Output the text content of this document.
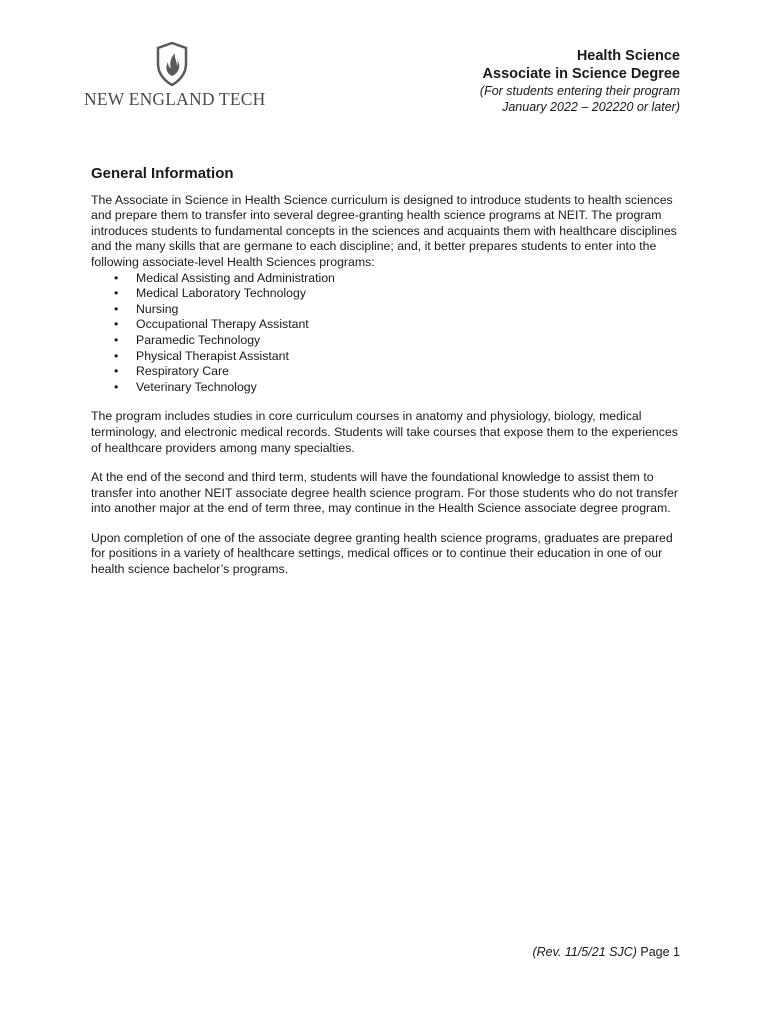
NEW ENGLAND TECH
Health Science
Associate in Science Degree
(For students entering their program
January 2022 – 202220 or later)
General Information

The Associate in Science in Health Science curriculum is designed to introduce students to health sciences and prepare them to transfer into several degree-granting health science programs at NEIT. The program introduces students to fundamental concepts in the sciences and acquaints them with healthcare disciplines and the many skills that are germane to each discipline; and, it better prepares students to enter into the following associate-level Health Sciences programs:

• Medical Assisting and Administration
• Medical Laboratory Technology
• Nursing
• Occupational Therapy Assistant
• Paramedic Technology
• Physical Therapist Assistant
• Respiratory Care
• Veterinary Technology

The program includes studies in core curriculum courses in anatomy and physiology, biology, medical terminology, and electronic medical records. Students will take courses that expose them to the experiences of healthcare providers among many specialties.

At the end of the second and third term, students will have the foundational knowledge to assist them to transfer into another NEIT associate degree health science program. For those students who do not transfer into another major at the end of term three, may continue in the Health Science associate degree program.

Upon completion of one of the associate degree granting health science programs, graduates are prepared for positions in a variety of healthcare settings, medical offices or to continue their education in one of our health science bachelor’s programs.

(Rev. 11/5/21 SJC) Page 1
